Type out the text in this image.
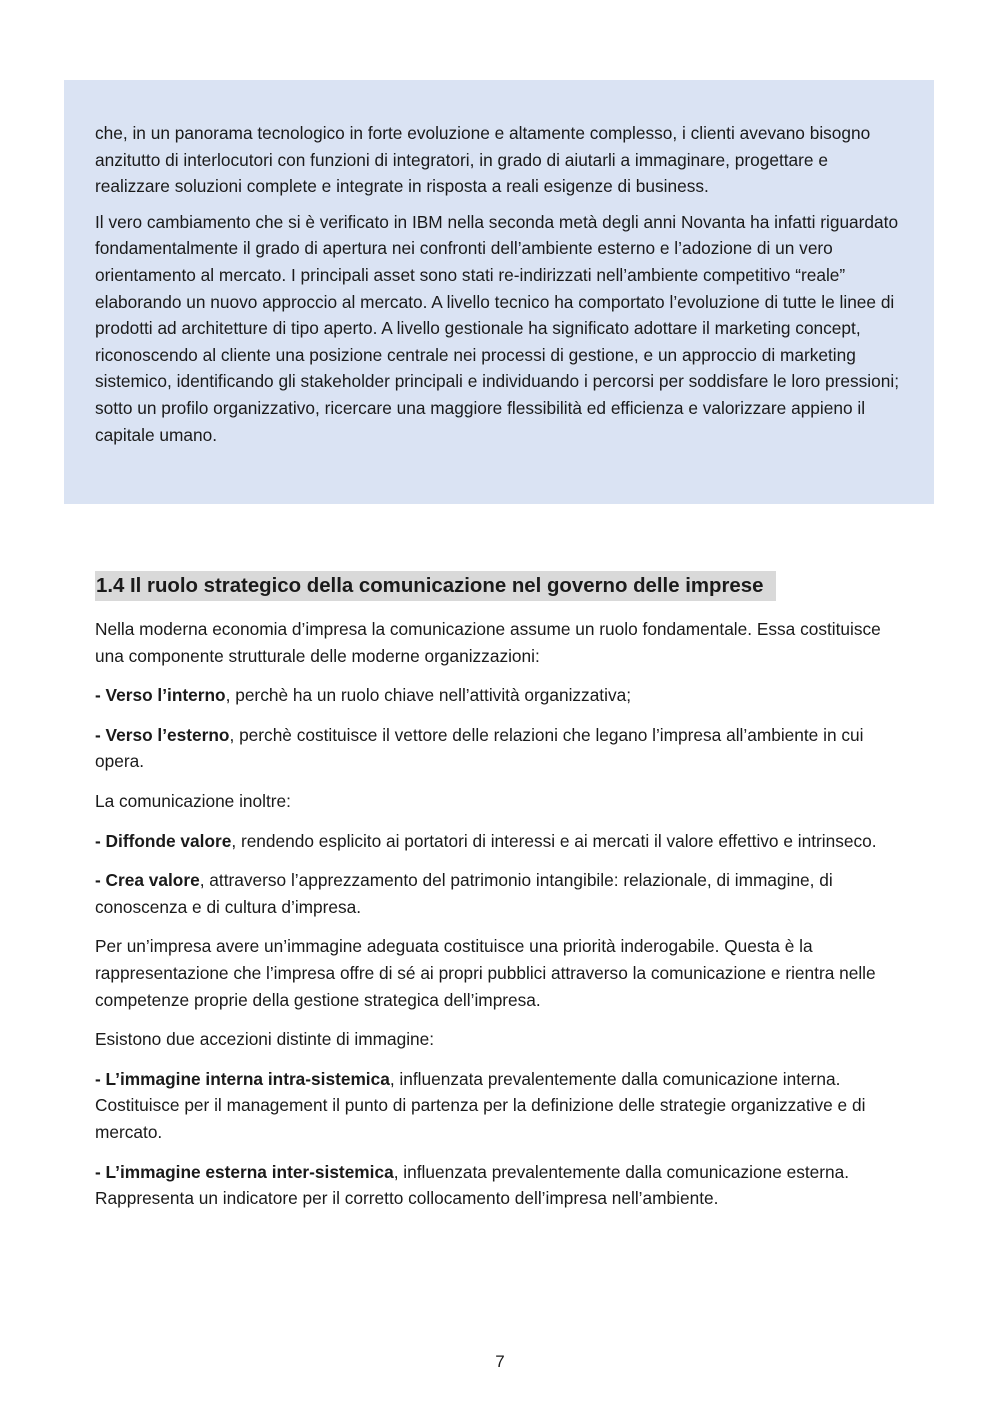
che, in un panorama tecnologico in forte evoluzione e altamente complesso, i clienti avevano bisogno anzitutto di interlocutori con funzioni di integratori, in grado di aiutarli a immaginare, progettare e realizzare soluzioni complete e integrate in risposta a reali esigenze di business.

Il vero cambiamento che si è verificato in IBM nella seconda metà degli anni Novanta ha infatti riguardato fondamentalmente il grado di apertura nei confronti dell’ambiente esterno e l’adozione di un vero orientamento al mercato. I principali asset sono stati re-indirizzati nell’ambiente competitivo “reale” elaborando un nuovo approccio al mercato. A livello tecnico ha comportato l’evoluzione di tutte le linee di prodotti ad architetture di tipo aperto. A livello gestionale ha significato adottare il marketing concept, riconoscendo al cliente una posizione centrale nei processi di gestione, e un approccio di marketing sistemico, identificando gli stakeholder principali e individuando i percorsi per soddisfare le loro pressioni; sotto un profilo organizzativo, ricercare una maggiore flessibilità ed efficienza e valorizzare appieno il capitale umano.

1.4 Il ruolo strategico della comunicazione nel governo delle imprese

Nella moderna economia d’impresa la comunicazione assume un ruolo fondamentale. Essa costituisce una componente strutturale delle moderne organizzazioni:

- Verso l’interno, perchè ha un ruolo chiave nell’attività organizzativa;

- Verso l’esterno, perchè costituisce il vettore delle relazioni che legano l’impresa all’ambiente in cui opera.

La comunicazione inoltre:

- Diffonde valore, rendendo esplicito ai portatori di interessi e ai mercati il valore effettivo e intrinseco.

- Crea valore, attraverso l’apprezzamento del patrimonio intangibile: relazionale, di immagine, di conoscenza e di cultura d’impresa.

Per un’impresa avere un’immagine adeguata costituisce una priorità inderogabile. Questa è la rappresentazione che l’impresa offre di sé ai propri pubblici attraverso la comunicazione e rientra nelle competenze proprie della gestione strategica dell’impresa.

Esistono due accezioni distinte di immagine:

- L’immagine interna intra-sistemica, influenzata prevalentemente dalla comunicazione interna. Costituisce per il management il punto di partenza per la definizione delle strategie organizzative e di mercato.

- L’immagine esterna inter-sistemica, influenzata prevalentemente dalla comunicazione esterna. Rappresenta un indicatore per il corretto collocamento dell’impresa nell’ambiente.

7
